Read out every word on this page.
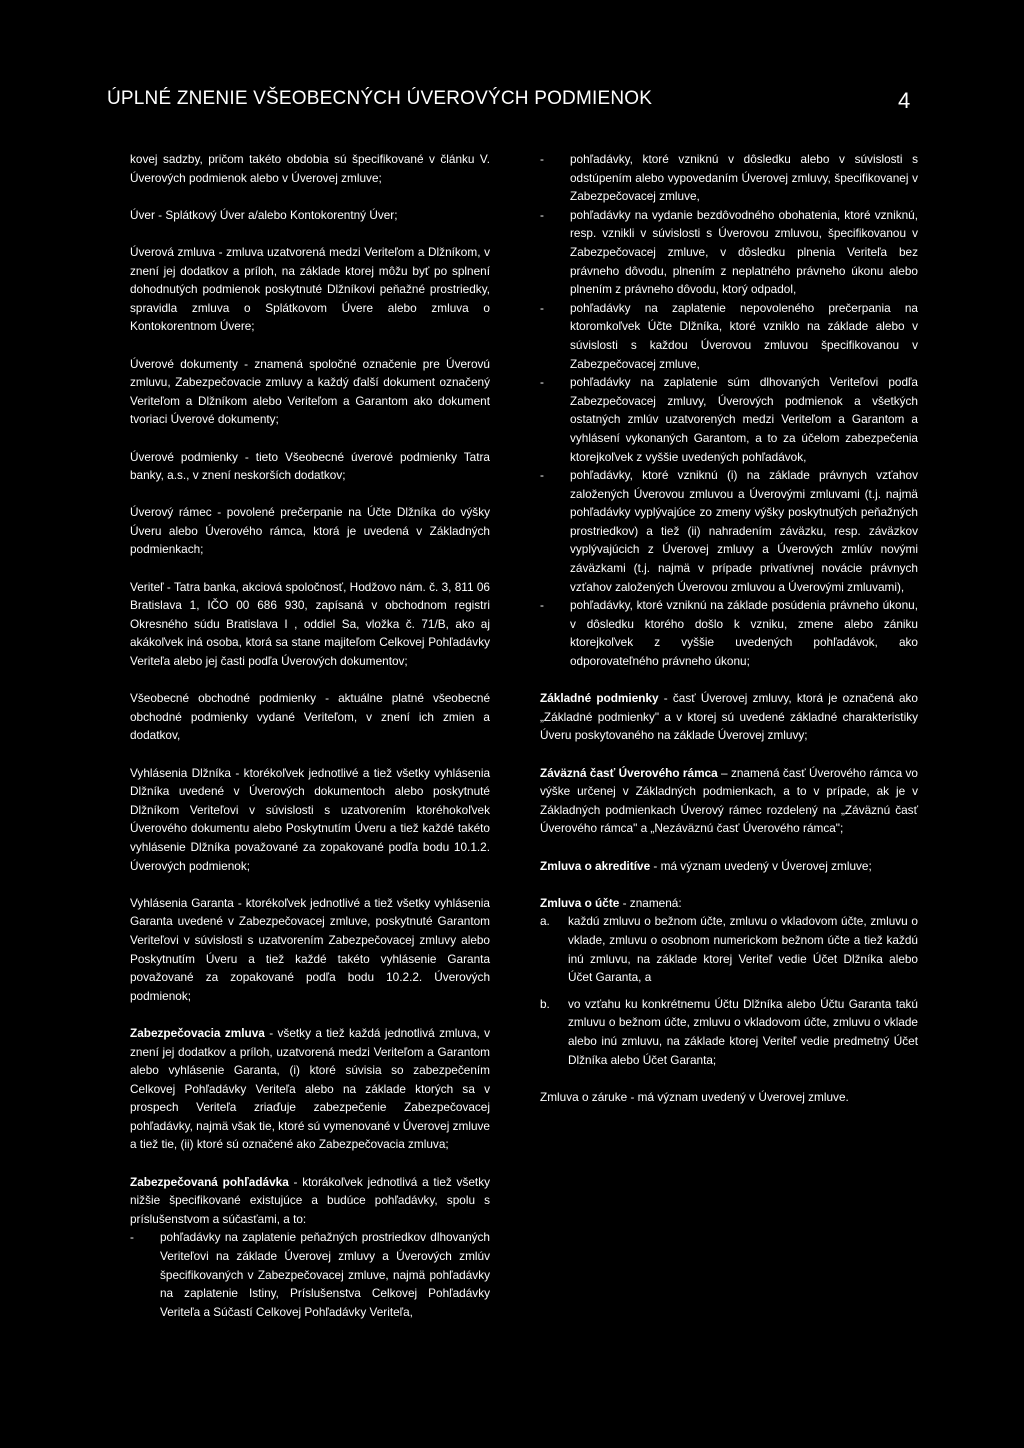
ÚPLNÉ ZNENIE VŠEOBECNÝCH ÚVEROVÝCH PODMIENOK	4

kovej sadzby, pričom takéto obdobia sú špecifikované v článku V. Úverových podmienok alebo v Úverovej zmluve;

Úver - Splátkový Úver a/alebo Kontokorentný Úver;

Úverová zmluva - zmluva uzatvorená medzi Veriteľom a Dlžníkom, v znení jej dodatkov a príloh, na základe ktorej môžu byť po splnení dohodnutých podmienok poskytnuté Dlžníkovi peňažné prostriedky, spravidla zmluva o Splátkovom Úvere alebo zmluva o Kontokorentnom Úvere;

Úverové dokumenty - znamená spoločné označenie pre Úverovú zmluvu, Zabezpečovacie zmluvy a každý ďalší dokument označený Veriteľom a Dlžníkom alebo Veriteľom a Garantom ako dokument tvoriaci Úverové dokumenty;

Úverové podmienky - tieto Všeobecné úverové podmienky Tatra banky, a.s., v znení neskorších dodatkov;

Úverový rámec - povolené prečerpanie na Účte Dlžníka do výšky Úveru alebo Úverového rámca, ktorá je uvedená v Základných podmienkach;

Veriteľ - Tatra banka, akciová spoločnosť, Hodžovo nám. č. 3, 811 06 Bratislava 1, IČO 00 686 930, zapísaná v obchodnom registri Okresného súdu Bratislava I , oddiel Sa, vložka č. 71/B, ako aj akákoľvek iná osoba, ktorá sa stane majiteľom Celkovej Pohľadávky Veriteľa alebo jej časti podľa Úverových dokumentov;

Všeobecné obchodné podmienky - aktuálne platné všeobecné obchodné podmienky vydané Veriteľom, v znení ich zmien a dodatkov,

Vyhlásenia Dlžníka - ktorékoľvek jednotlivé a tiež všetky vyhlásenia Dlžníka uvedené v Úverových dokumentoch alebo poskytnuté Dlžníkom Veriteľovi v súvislosti s uzatvorením ktoréhokoľvek Úverového dokumentu alebo Poskytnutím Úveru a tiež každé takéto vyhlásenie Dlžníka považované za zopakované podľa bodu 10.1.2. Úverových podmienok;

Vyhlásenia Garanta - ktorékoľvek jednotlivé a tiež všetky vyhlásenia Garanta uvedené v Zabezpečovacej zmluve, poskytnuté Garantom Veriteľovi v súvislosti s uzatvorením Zabezpečovacej zmluvy alebo Poskytnutím Úveru a tiež každé takéto vyhlásenie Garanta považované za zopakované podľa bodu 10.2.2. Úverových podmienok;

Zabezpečovacia zmluva - všetky a tiež každá jednotlivá zmluva, v znení jej dodatkov a príloh, uzatvorená medzi Veriteľom a Garantom alebo vyhlásenie Garanta, (i) ktoré súvisia so zabezpečením Celkovej Pohľadávky Veriteľa alebo na základe ktorých sa v prospech Veriteľa zriaďuje zabezpečenie Zabezpečovacej pohľadávky, najmä však tie, ktoré sú vymenované v Úverovej zmluve a tiež tie, (ii) ktoré sú označené ako Zabezpečovacia zmluva;

Zabezpečovaná pohľadávka - ktorákoľvek jednotlivá a tiež všetky nižšie špecifikované existujúce a budúce pohľadávky, spolu s príslušenstvom a súčasťami, a to:

- pohľadávky na zaplatenie peňažných prostriedkov dlhovaných Veriteľovi na základe Úverovej zmluvy a Úverových zmlúv špecifikovaných v Zabezpečovacej zmluve, najmä pohľadávky na zaplatenie Istiny, Príslušenstva Celkovej Pohľadávky Veriteľa a Súčastí Celkovej Pohľadávky Veriteľa,
- pohľadávky, ktoré vzniknú v dôsledku alebo v súvislosti s odstúpením alebo vypovedaním Úverovej zmluvy, špecifikovanej v Zabezpečovacej zmluve,
- pohľadávky na vydanie bezdôvodného obohatenia, ktoré vzniknú, resp. vznikli v súvislosti s Úverovou zmluvou, špecifikovanou v Zabezpečovacej zmluve, v dôsledku plnenia Veriteľa bez právneho dôvodu, plnením z neplatného právneho úkonu alebo plnením z právneho dôvodu, ktorý odpadol,
- pohľadávky na zaplatenie nepovoleného prečerpania na ktoromkoľvek Účte Dlžníka, ktoré vzniklo na základe alebo v súvislosti s každou Úverovou zmluvou špecifikovanou v Zabezpečovacej zmluve,
- pohľadávky na zaplatenie súm dlhovaných Veriteľovi podľa Zabezpečovacej zmluvy, Úverových podmienok a všetkých ostatných zmlúv uzatvorených medzi Veriteľom a Garantom a vyhlásení vykonaných Garantom, a to za účelom zabezpečenia ktorejkoľvek z vyššie uvedených pohľadávok,
- pohľadávky, ktoré vzniknú (i) na základe právnych vzťahov založených Úverovou zmluvou a Úverovými zmluvami (t.j. najmä pohľadávky vyplývajúce zo zmeny výšky poskytnutých peňažných prostriedkov) a tiež (ii) nahradením záväzku, resp. záväzkov vyplývajúcich z Úverovej zmluvy a Úverových zmlúv novými záväzkami (t.j. najmä v prípade privatívnej novácie právnych vzťahov založených Úverovou zmluvou a Úverovými zmluvami),
- pohľadávky, ktoré vzniknú na základe posúdenia právneho úkonu, v dôsledku ktorého došlo k vzniku, zmene alebo zániku ktorejkoľvek z vyššie uvedených pohľadávok, ako odporovateľného právneho úkonu;

Základné podmienky - časť Úverovej zmluvy, ktorá je označená ako „Základné podmienky" a v ktorej sú uvedené základné charakteristiky Úveru poskytovaného na základe Úverovej zmluvy;

Záväzná časť Úverového rámca – znamená časť Úverového rámca vo výške určenej v Základných podmienkach, a to v prípade, ak je v Základných podmienkach Úverový rámec rozdelený na „Záväznú časť Úverového rámca" a „Nezáväznú časť Úverového rámca";

Zmluva o akreditíve - má význam uvedený v Úverovej zmluve;

Zmluva o účte - znamená:

a. každú zmluvu o bežnom účte, zmluvu o vkladovom účte, zmluvu o vklade, zmluvu o osobnom numerickom bežnom účte a tiež každú inú zmluvu, na základe ktorej Veriteľ vedie Účet Dlžníka alebo Účet Garanta, a
b. vo vzťahu ku konkrétnemu Účtu Dlžníka alebo Účtu Garanta takú zmluvu o bežnom účte, zmluvu o vkladovom účte, zmluvu o vklade alebo inú zmluvu, na základe ktorej Veriteľ vedie predmetný Účet Dlžníka alebo Účet Garanta;

Zmluva o záruke - má význam uvedený v Úverovej zmluve.
